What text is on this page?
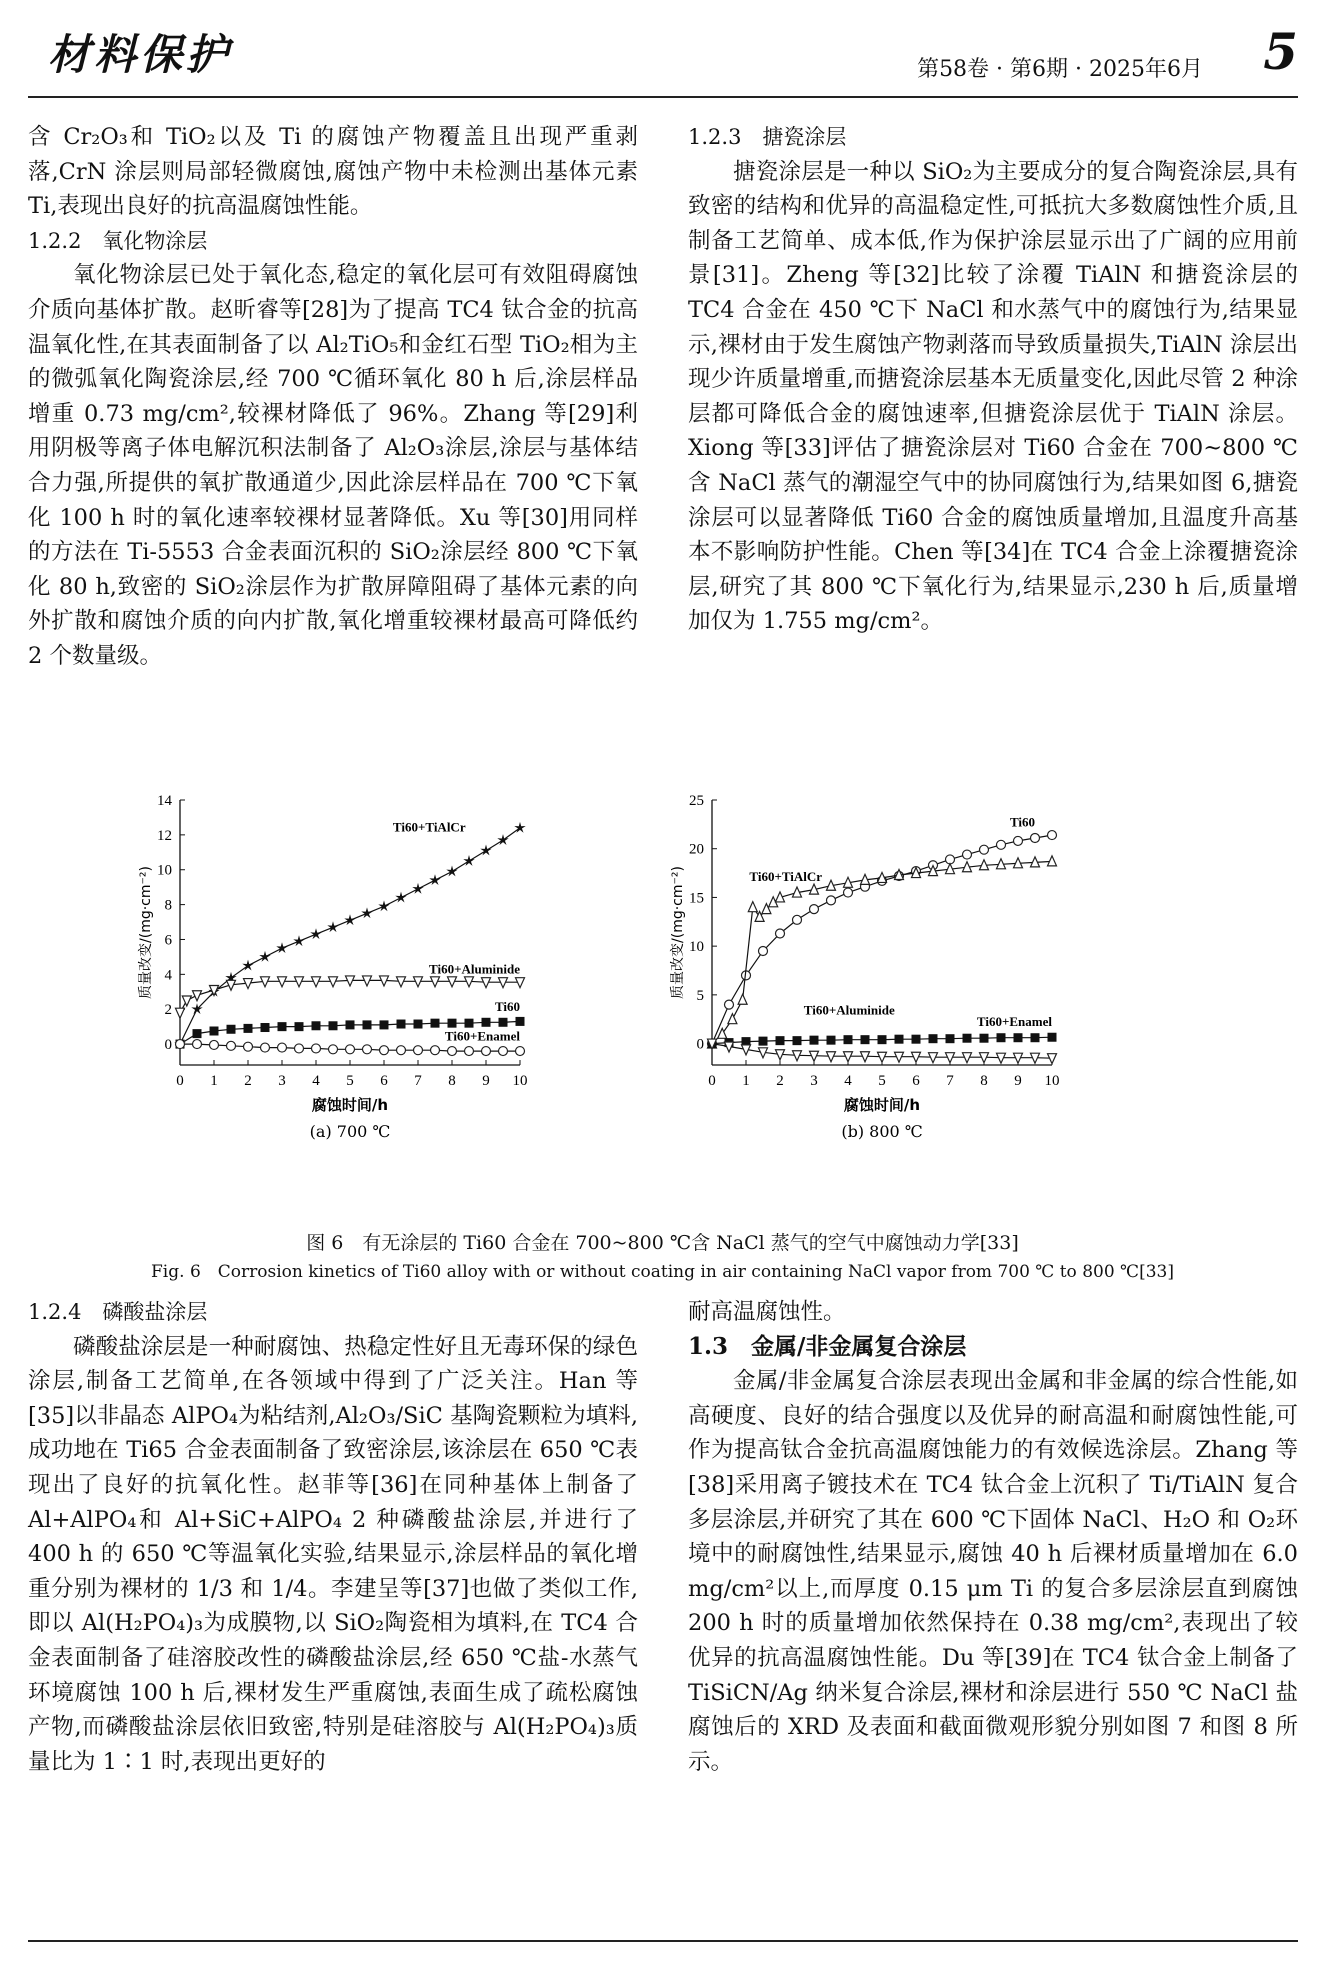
材料保护	第58卷 · 第6期 · 2025年6月 5

含 Cr₂O₃和 TiO₂以及 Ti 的腐蚀产物覆盖且出现严重剥落,CrN 涂层则局部轻微腐蚀,腐蚀产物中未检测出基体元素 Ti,表现出良好的抗高温腐蚀性能。

1.2.2　氧化物涂层

氧化物涂层已处于氧化态,稳定的氧化层可有效阻碍腐蚀介质向基体扩散。赵昕睿等[28]为了提高 TC4 钛合金的抗高温氧化性,在其表面制备了以 Al₂TiO₅和金红石型 TiO₂相为主的微弧氧化陶瓷涂层,经 700 ℃循环氧化 80 h 后,涂层样品增重 0.73 mg/cm²,较裸材降低了 96%。Zhang 等[29]利用阴极等离子体电解沉积法制备了 Al₂O₃涂层,涂层与基体结合力强,所提供的氧扩散通道少,因此涂层样品在 700 ℃下氧化 100 h 时的氧化速率较裸材显著降低。Xu 等[30]用同样的方法在 Ti-5553 合金表面沉积的 SiO₂涂层经 800 ℃下氧化 80 h,致密的 SiO₂涂层作为扩散屏障阻碍了基体元素的向外扩散和腐蚀介质的向内扩散,氧化增重较裸材最高可降低约 2 个数量级。

1.2.3　搪瓷涂层

搪瓷涂层是一种以 SiO₂为主要成分的复合陶瓷涂层,具有致密的结构和优异的高温稳定性,可抵抗大多数腐蚀性介质,且制备工艺简单、成本低,作为保护涂层显示出了广阔的应用前景[31]。Zheng 等[32]比较了涂覆 TiAlN 和搪瓷涂层的 TC4 合金在 450 ℃下 NaCl 和水蒸气中的腐蚀行为,结果显示,裸材由于发生腐蚀产物剥落而导致质量损失,TiAlN 涂层出现少许质量增重,而搪瓷涂层基本无质量变化,因此尽管 2 种涂层都可降低合金的腐蚀速率,但搪瓷涂层优于 TiAlN 涂层。Xiong 等[33]评估了搪瓷涂层对 Ti60 合金在 700~800 ℃含 NaCl 蒸气的潮湿空气中的协同腐蚀行为,结果如图 6,搪瓷涂层可以显著降低 Ti60 合金的腐蚀质量增加,且温度升高基本不影响防护性能。Chen 等[34]在 TC4 合金上涂覆搪瓷涂层,研究了其 800 ℃下氧化行为,结果显示,230 h 后,质量增加仅为 1.755 mg/cm²。

0 1 2 3 4 5 6 7 8 9 10
0
2
4
6
8
10
12
14
腐蚀时间/h
质量改变/(mg·cm⁻²)
(a) 700 ℃
Ti60+TiAlCr
Ti60+Aluminide
Ti60
Ti60+Enamel
0 1 2 3 4 5 6 7 8 9 10
0
5
10
15
20
25
腐蚀时间/h
质量改变/(mg·cm⁻²)
(b) 800 ℃
Ti60
Ti60+TiAlCr
Ti60+Enamel
Ti60+Aluminide
图 6　有无涂层的 Ti60 合金在 700~800 ℃含 NaCl 蒸气的空气中腐蚀动力学[33]
Fig. 6　Corrosion kinetics of Ti60 alloy with or without coating in air containing NaCl vapor from 700 ℃ to 800 ℃[33]

1.2.4　磷酸盐涂层

磷酸盐涂层是一种耐腐蚀、热稳定性好且无毒环保的绿色涂层,制备工艺简单,在各领域中得到了广泛关注。Han 等[35]以非晶态 AlPO₄为粘结剂,Al₂O₃/SiC 基陶瓷颗粒为填料,成功地在 Ti65 合金表面制备了致密涂层,该涂层在 650 ℃表现出了良好的抗氧化性。赵菲等[36]在同种基体上制备了 Al+AlPO₄和 Al+SiC+AlPO₄ 2 种磷酸盐涂层,并进行了 400 h 的 650 ℃等温氧化实验,结果显示,涂层样品的氧化增重分别为裸材的 1/3 和 1/4。李建呈等[37]也做了类似工作,即以 Al(H₂PO₄)₃为成膜物,以 SiO₂陶瓷相为填料,在 TC4 合金表面制备了硅溶胶改性的磷酸盐涂层,经 650 ℃盐-水蒸气环境腐蚀 100 h 后,裸材发生严重腐蚀,表面生成了疏松腐蚀产物,而磷酸盐涂层依旧致密,特别是硅溶胶与 Al(H₂PO₄)₃质量比为 1∶1 时,表现出更好的

耐高温腐蚀性。

1.3　金属/非金属复合涂层

金属/非金属复合涂层表现出金属和非金属的综合性能,如高硬度、良好的结合强度以及优异的耐高温和耐腐蚀性能,可作为提高钛合金抗高温腐蚀能力的有效候选涂层。Zhang 等[38]采用离子镀技术在 TC4 钛合金上沉积了 Ti/TiAlN 复合多层涂层,并研究了其在 600 ℃下固体 NaCl、H₂O 和 O₂环境中的耐腐蚀性,结果显示,腐蚀 40 h 后裸材质量增加在 6.0 mg/cm²以上,而厚度 0.15 μm Ti 的复合多层涂层直到腐蚀 200 h 时的质量增加依然保持在 0.38 mg/cm²,表现出了较优异的抗高温腐蚀性能。Du 等[39]在 TC4 钛合金上制备了 TiSiCN/Ag 纳米复合涂层,裸材和涂层进行 550 ℃ NaCl 盐腐蚀后的 XRD 及表面和截面微观形貌分别如图 7 和图 8 所示。
